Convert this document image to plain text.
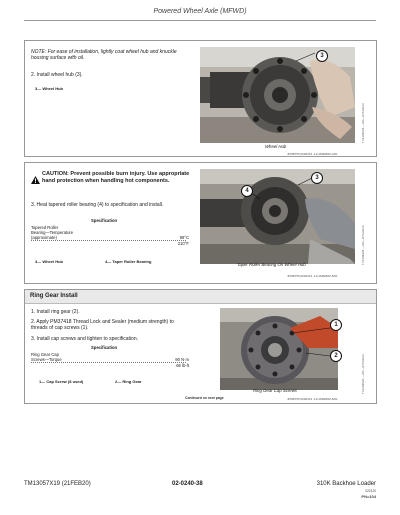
Powered Wheel Axle (MFWD)
NOTE: For ease of installation, lightly coat wheel hub and knuckle housing surface with oil.
2. Install wheel hub (3).
3— Wheel Hub
3
Wheel Hub
TX1169624 —UN—07AUG13
JDSB755,0000313 -19-18FEB20-4/61
CAUTION: Prevent possible burn injury. Use appropriate hand protection when handling hot components.
3. Heat tapered roller bearing (4) to specification and install.
Specification
Tapered Roller
Bearing—Temperature
(approximate)	99°C
210°F
3— Wheel Hub	4— Taper Roller Bearing
3
4
Taper Roller Bearing On Wheel Hub	TX1169625 —UN—07AUG13
JDSB755,0000313 -19-18FEB20-5/61
Ring Gear Install
1. Install ring gear (2).
2. Apply PM37418 Thread Lock and Sealer (medium strength) to threads of cap screws (1).
3. Install cap screws and tighten to specification.
Specification
Ring Gear Cap
Screws—Torque	90 N·m
66 lb-ft
1— Cap Screw (8 used)	2— Ring Gear
1
2
Ring Gear Cap Screws	TX1169626 —UN—07AUG13
Continued on next page	JDSB755,0000313 -19-18FEB20-6/61
TM13057X19 (21FEB20)	02-0240-38	310K Backhoe Loader
022120
PN=104
